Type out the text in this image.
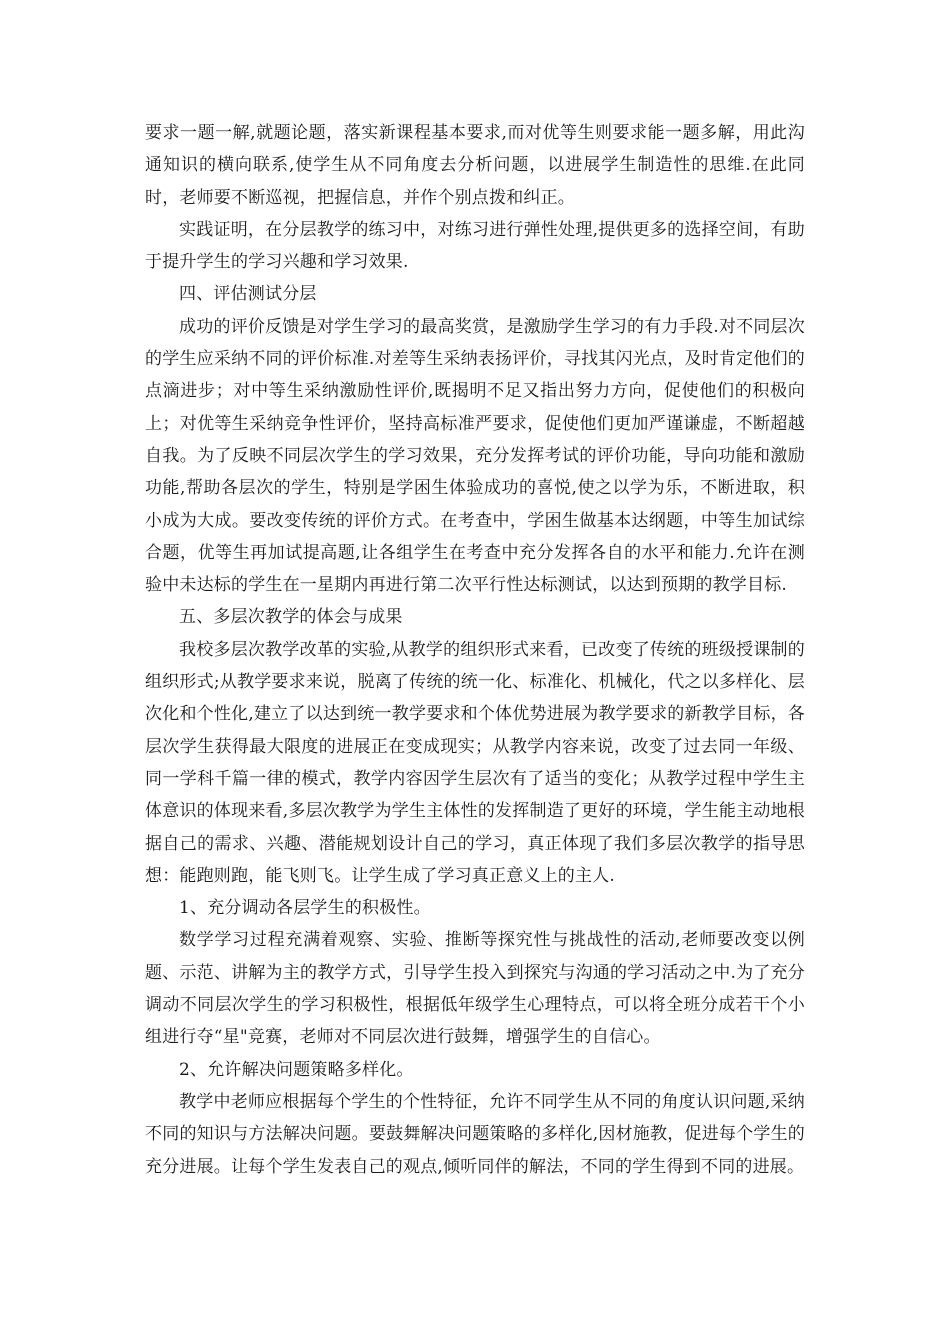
要求一题一解,就题论题，落实新课程基本要求,而对优等生则要求能一题多解，用此沟通知识的横向联系,使学生从不同角度去分析问题，以进展学生制造性的思维.在此同时，老师要不断巡视，把握信息，并作个别点拨和纠正。

实践证明，在分层教学的练习中，对练习进行弹性处理,提供更多的选择空间，有助于提升学生的学习兴趣和学习效果.

四、评估测试分层

成功的评价反馈是对学生学习的最高奖赏，是激励学生学习的有力手段.对不同层次的学生应采纳不同的评价标准.对差等生采纳表扬评价，寻找其闪光点，及时肯定他们的点滴进步；对中等生采纳激励性评价,既揭明不足又指出努力方向，促使他们的积极向上；对优等生采纳竞争性评价，坚持高标准严要求，促使他们更加严谨谦虚，不断超越自我。为了反映不同层次学生的学习效果，充分发挥考试的评价功能，导向功能和激励功能,帮助各层次的学生，特别是学困生体验成功的喜悦,使之以学为乐，不断进取，积小成为大成。要改变传统的评价方式。在考查中，学困生做基本达纲题，中等生加试综合题，优等生再加试提高题,让各组学生在考查中充分发挥各自的水平和能力.允许在测验中未达标的学生在一星期内再进行第二次平行性达标测试，以达到预期的教学目标.

五、多层次教学的体会与成果

我校多层次教学改革的实验,从教学的组织形式来看，已改变了传统的班级授课制的组织形式;从教学要求来说，脱离了传统的统一化、标准化、机械化，代之以多样化、层次化和个性化,建立了以达到统一教学要求和个体优势进展为教学要求的新教学目标，各层次学生获得最大限度的进展正在变成现实；从教学内容来说，改变了过去同一年级、同一学科千篇一律的模式，教学内容因学生层次有了适当的变化；从教学过程中学生主体意识的体现来看,多层次教学为学生主体性的发挥制造了更好的环境，学生能主动地根据自己的需求、兴趣、潜能规划设计自己的学习，真正体现了我们多层次教学的指导思想：能跑则跑，能飞则飞。让学生成了学习真正意义上的主人.

1、充分调动各层学生的积极性。

数学学习过程充满着观察、实验、推断等探究性与挑战性的活动,老师要改变以例题、示范、讲解为主的教学方式，引导学生投入到探究与沟通的学习活动之中.为了充分调动不同层次学生的学习积极性，根据低年级学生心理特点，可以将全班分成若干个小组进行夺“星"竞赛，老师对不同层次进行鼓舞，增强学生的自信心。

2、允许解决问题策略多样化。

教学中老师应根据每个学生的个性特征，允许不同学生从不同的角度认识问题,采纳不同的知识与方法解决问题。要鼓舞解决问题策略的多样化,因材施教，促进每个学生的充分进展。让每个学生发表自己的观点,倾听同伴的解法，不同的学生得到不同的进展。
